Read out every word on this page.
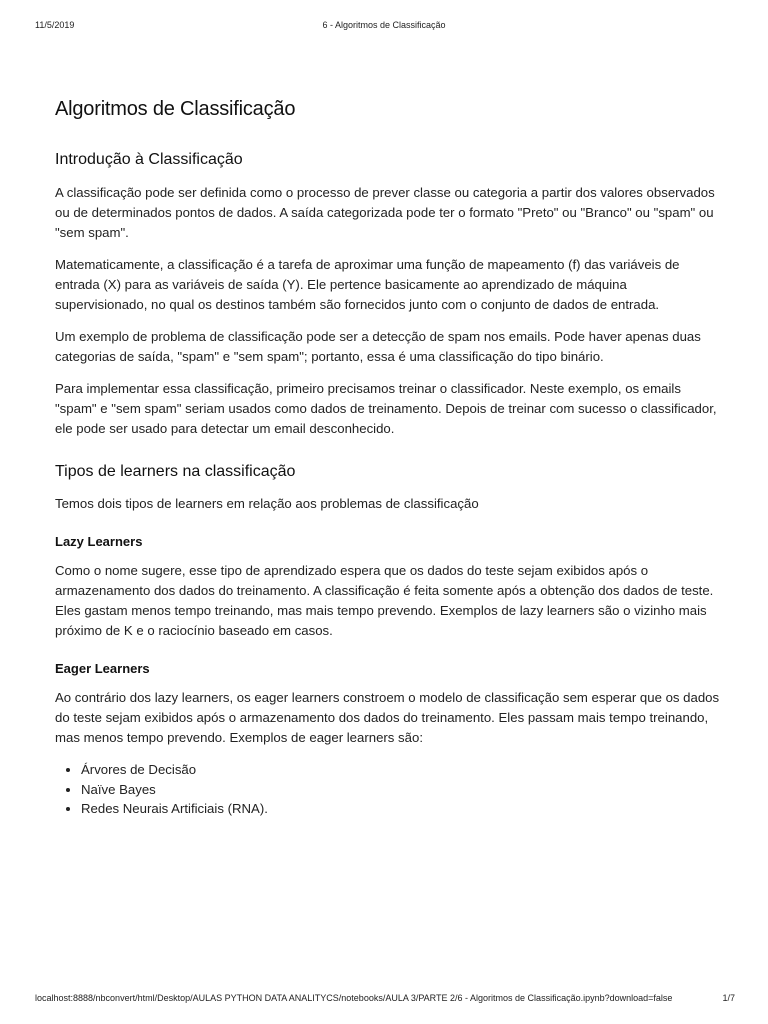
11/5/2019	6 - Algoritmos de Classificação
Algoritmos de Classificação
Introdução à Classificação

A classificação pode ser definida como o processo de prever classe ou categoria a partir dos valores observados ou de determinados pontos de dados. A saída categorizada pode ter o formato "Preto" ou "Branco" ou "spam" ou "sem spam".

Matematicamente, a classificação é a tarefa de aproximar uma função de mapeamento (f) das variáveis de entrada (X) para as variáveis de saída (Y). Ele pertence basicamente ao aprendizado de máquina supervisionado, no qual os destinos também são fornecidos junto com o conjunto de dados de entrada.

Um exemplo de problema de classificação pode ser a detecção de spam nos emails. Pode haver apenas duas categorias de saída, "spam" e "sem spam"; portanto, essa é uma classificação do tipo binário.

Para implementar essa classificação, primeiro precisamos treinar o classificador. Neste exemplo, os emails "spam" e "sem spam" seriam usados como dados de treinamento. Depois de treinar com sucesso o classificador, ele pode ser usado para detectar um email desconhecido.

Tipos de learners na classificação

Temos dois tipos de learners em relação aos problemas de classificação

Lazy Learners

Como o nome sugere, esse tipo de aprendizado espera que os dados do teste sejam exibidos após o armazenamento dos dados do treinamento. A classificação é feita somente após a obtenção dos dados de teste. Eles gastam menos tempo treinando, mas mais tempo prevendo. Exemplos de lazy learners são o vizinho mais próximo de K e o raciocínio baseado em casos.

Eager Learners

Ao contrário dos lazy learners, os eager learners constroem o modelo de classificação sem esperar que os dados do teste sejam exibidos após o armazenamento dos dados do treinamento. Eles passam mais tempo treinando, mas menos tempo prevendo. Exemplos de eager learners são:

• Árvores de Decisão
• Naïve Bayes
• Redes Neurais Artificiais (RNA).
localhost:8888/nbconvert/html/Desktop/AULAS PYTHON DATA ANALITYCS/notebooks/AULA 3/PARTE 2/6 - Algoritmos de Classificação.ipynb?download=false	1/7
